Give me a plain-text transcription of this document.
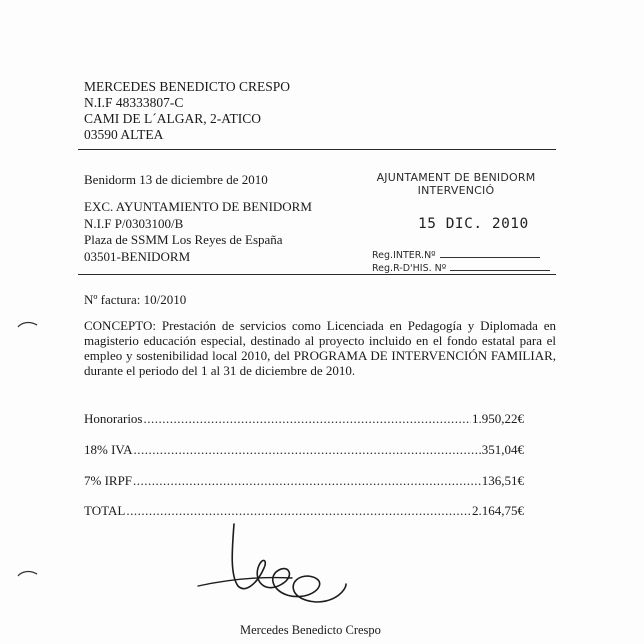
MERCEDES BENEDICTO CRESPO
N.I.F 48333807-C
CAMI DE L´ALGAR, 2-ATICO
03590 ALTEA
Benidorm 13 de diciembre de 2010	AJUNTAMENT DE BENIDORM
INTERVENCIÓ
15 DIC. 2010
Reg.INTER.Nº
Reg.R-D'HIS. Nº
EXC. AYUNTAMIENTO DE BENIDORM
N.I.F P/0303100/B
Plaza de SSMM Los Reyes de España
03501-BENIDORM
Nº factura: 10/2010
CONCEPTO: Prestación de servicios como Licenciada en Pedagogía y Diplomada en magisterio educación especial, destinado al proyecto incluido en el fondo estatal para el empleo y sostenibilidad local 2010, del PROGRAMA DE INTERVENCIÓN FAMILIAR, durante el periodo del 1 al 31 de diciembre de 2010.
Honorarios .....	1.950,22€
18% IVA .....	351,04€
7% IRPF .....	136,51€
TOTAL .....	2.164,75€
Mercedes Benedicto Crespo
